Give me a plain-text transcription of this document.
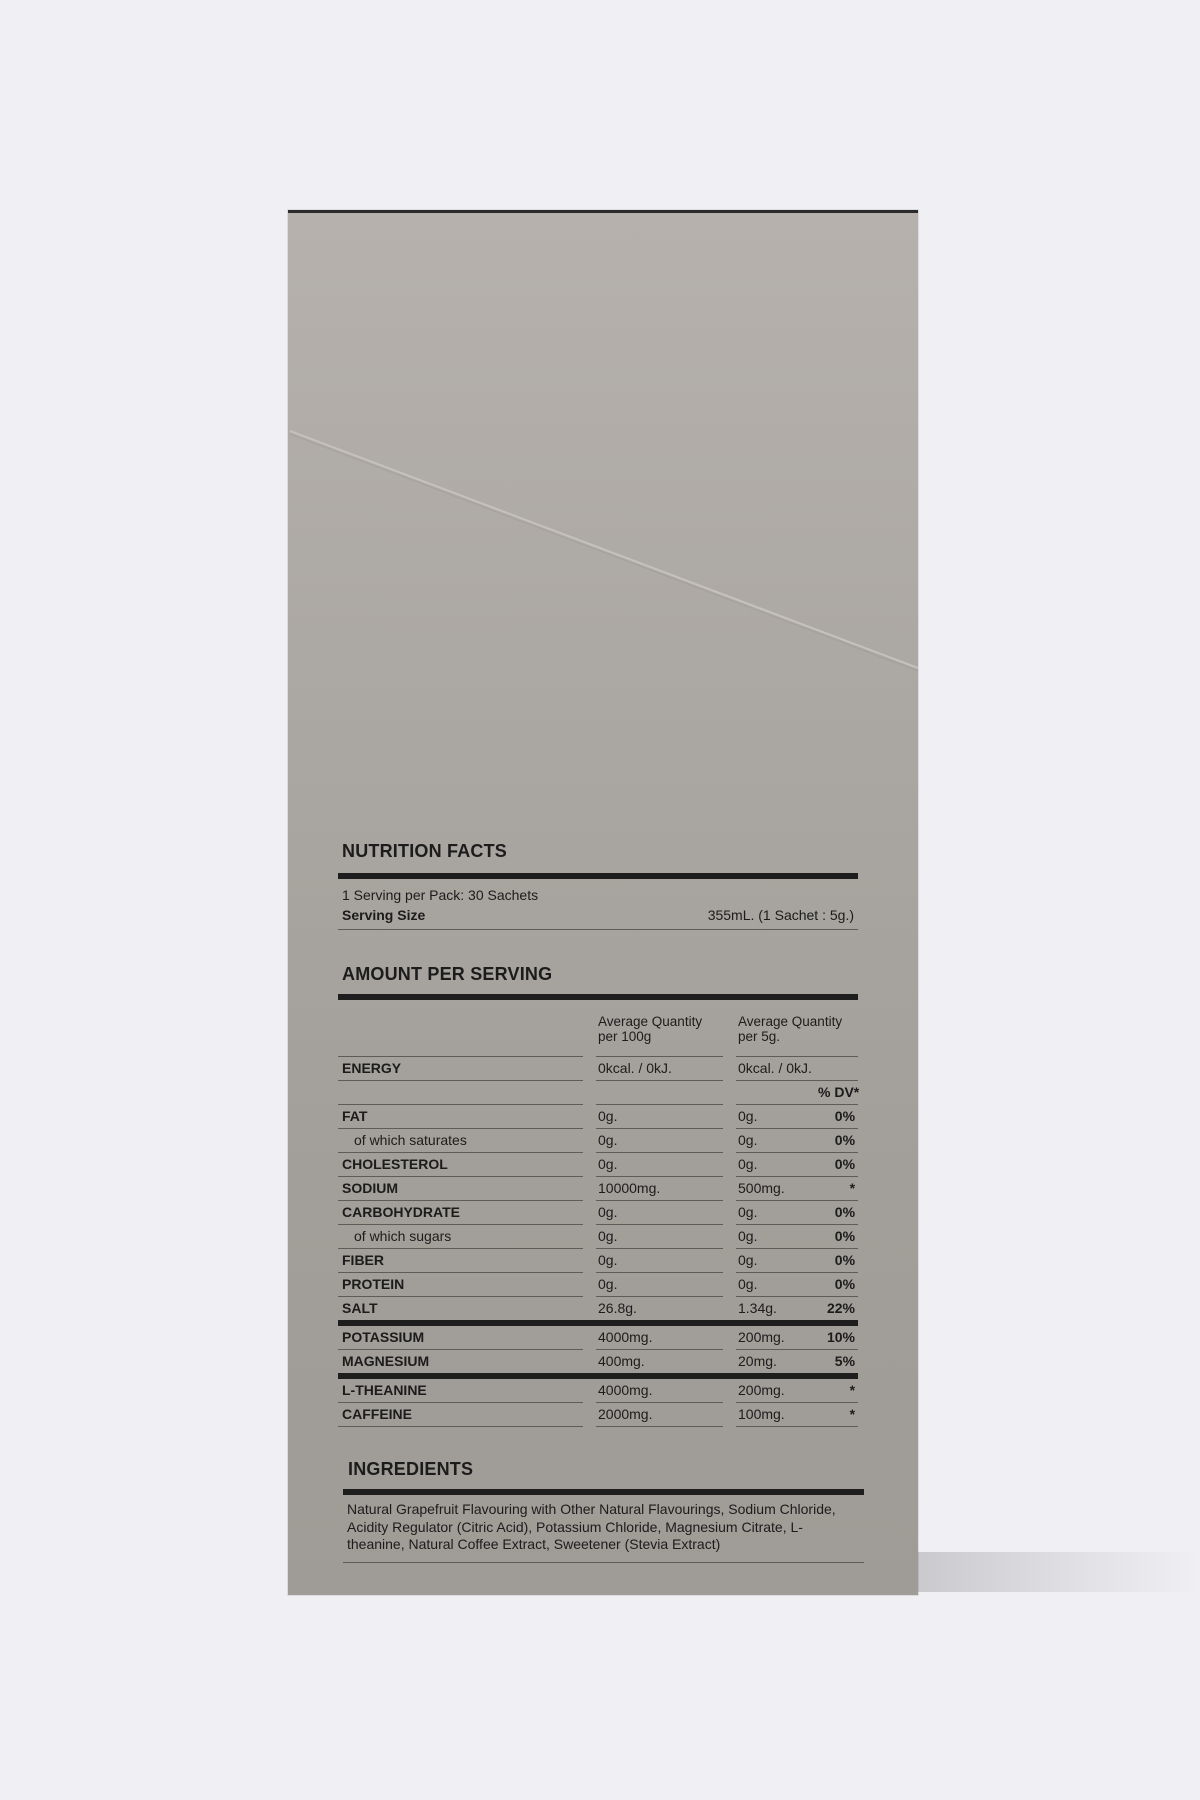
NUTRITION FACTS
1 Serving per Pack: 30 Sachets
Serving Size	355mL. (1 Sachet : 5g.)
AMOUNT PER SERVING
		Average Quantity per 100g		Average Quantity per 5g.	
ENERGY		0kcal. / 0kJ.		0kcal. / 0kJ.	
					% DV*
FAT		0g.		0g.	0%
of which saturates		0g.		0g.	0%
CHOLESTEROL		0g.		0g.	0%
SODIUM		10000mg.		500mg.	*
CARBOHYDRATE		0g.		0g.	0%
of which sugars		0g.		0g.	0%
FIBER		0g.		0g.	0%
PROTEIN		0g.		0g.	0%
SALT		26.8g.		1.34g.	22%
POTASSIUM		4000mg.		200mg.	10%
MAGNESIUM		400mg.		20mg.	5%
L-THEANINE		4000mg.		200mg.	*
CAFFEINE		2000mg.		100mg.	*
INGREDIENTS
Natural Grapefruit Flavouring with Other Natural Flavourings, Sodium Chloride, Acidity Regulator (Citric Acid), Potassium Chloride, Magnesium Citrate, L-theanine, Natural Coffee Extract, Sweetener (Stevia Extract)
